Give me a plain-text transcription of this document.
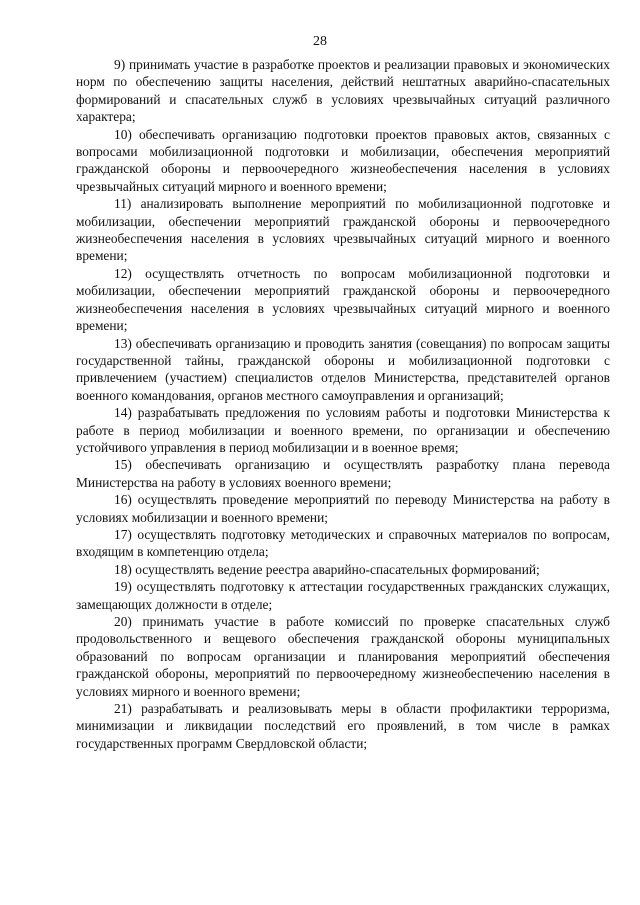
28

9) принимать участие в разработке проектов и реализации правовых и экономических норм по обеспечению защиты населения, действий нештатных аварийно-спасательных формирований и спасательных служб в условиях чрезвычайных ситуаций различного характера;

10) обеспечивать организацию подготовки проектов правовых актов, связанных с вопросами мобилизационной подготовки и мобилизации, обеспечения мероприятий гражданской обороны и первоочередного жизнеобеспечения населения в условиях чрезвычайных ситуаций мирного и военного времени;

11) анализировать выполнение мероприятий по мобилизационной подготовке и мобилизации, обеспечении мероприятий гражданской обороны и первоочередного жизнеобеспечения населения в условиях чрезвычайных ситуаций мирного и военного времени;

12) осуществлять отчетность по вопросам мобилизационной подготовки и мобилизации, обеспечении мероприятий гражданской обороны и первоочередного жизнеобеспечения населения в условиях чрезвычайных ситуаций мирного и военного времени;

13) обеспечивать организацию и проводить занятия (совещания) по вопросам защиты государственной тайны, гражданской обороны и мобилизационной подготовки с привлечением (участием) специалистов отделов Министерства, представителей органов военного командования, органов местного самоуправления и организаций;

14) разрабатывать предложения по условиям работы и подготовки Министерства к работе в период мобилизации и военного времени, по организации и обеспечению устойчивого управления в период мобилизации и в военное время;

15) обеспечивать организацию и осуществлять разработку плана перевода Министерства на работу в условиях военного времени;

16) осуществлять проведение мероприятий по переводу Министерства на работу в условиях мобилизации и военного времени;

17) осуществлять подготовку методических и справочных материалов по вопросам, входящим в компетенцию отдела;

18) осуществлять ведение реестра аварийно-спасательных формирований;

19) осуществлять подготовку к аттестации государственных гражданских служащих, замещающих должности в отделе;

20) принимать участие в работе комиссий по проверке спасательных служб продовольственного и вещевого обеспечения гражданской обороны муниципальных образований по вопросам организации и планирования мероприятий обеспечения гражданской обороны, мероприятий по первоочередному жизнеобеспечению населения в условиях мирного и военного времени;

21) разрабатывать и реализовывать меры в области профилактики терроризма, минимизации и ликвидации последствий его проявлений, в том числе в рамках государственных программ Свердловской области;
